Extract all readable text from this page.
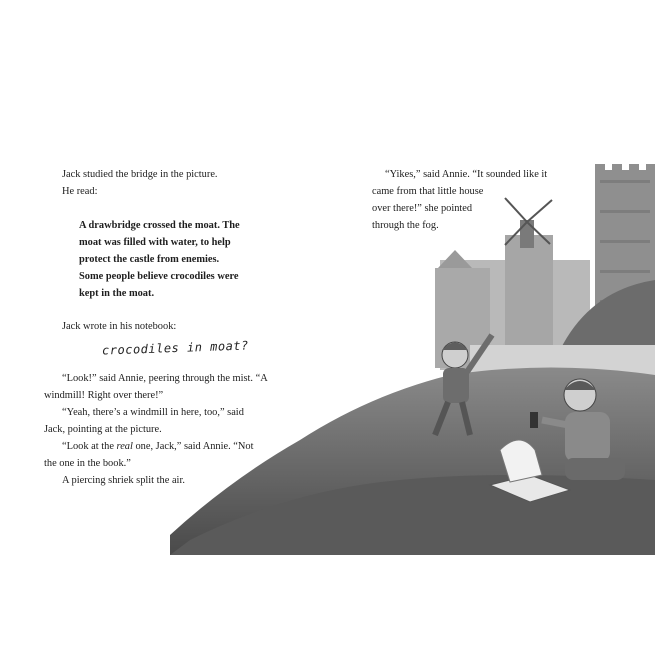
Jack studied the bridge in the picture.
He read:
A drawbridge crossed the moat. The
moat was filled with water, to help
protect the castle from enemies.
Some people believe crocodiles were
kept in the moat.
Jack wrote in his notebook:
crocodiles in moat?
“Look!” said Annie, peering through the mist. “A
windmill! Right over there!”
“Yeah, there’s a windmill in here, too,” said
Jack, pointing at the picture.
“Look at the real one, Jack,” said Annie. “Not
the one in the book.”
A piercing shriek split the air.
“Yikes,” said Annie. “It sounded like it
came from that little house
over there!” she pointed
through the fog.
